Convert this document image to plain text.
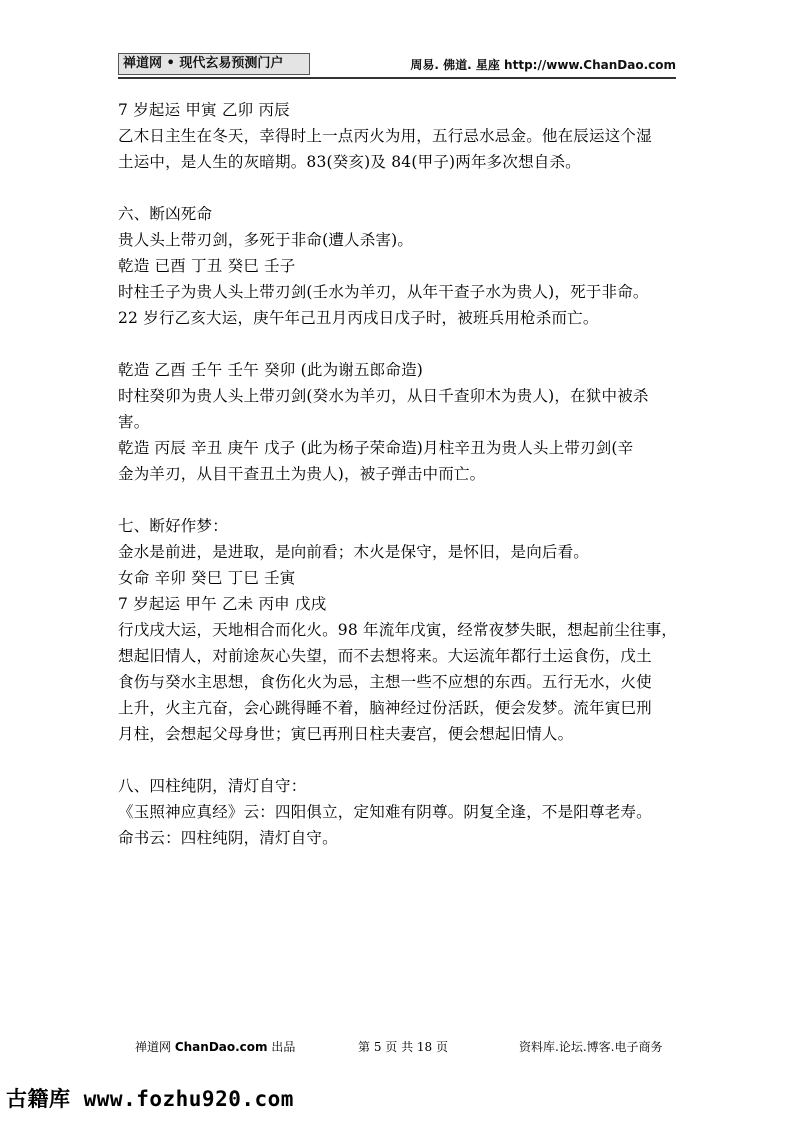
禅道网 • 现代玄易预测门户	周易. 佛道. 星座 http://www.ChanDao.com
7 岁起运 甲寅 乙卯 丙辰
乙木日主生在冬天，幸得时上一点丙火为用，五行忌水忌金。他在辰运这个湿
土运中，是人生的灰暗期。83(癸亥)及 84(甲子)两年多次想自杀。
六、断凶死命
贵人头上带刃剑，多死于非命(遭人杀害)。
乾造 已酉 丁丑 癸巳 壬子
时柱壬子为贵人头上带刃剑(壬水为羊刃，从年干查子水为贵人)，死于非命。
22 岁行乙亥大运，庚午年己丑月丙戌日戊子时，被班兵用枪杀而亡。
乾造 乙酉 壬午 壬午 癸卯 (此为谢五郎命造)
时柱癸卯为贵人头上带刃剑(癸水为羊刃，从日千查卯木为贵人)，在狱中被杀
害。
乾造 丙辰 辛丑 庚午 戊子 (此为杨子荣命造)月柱辛丑为贵人头上带刃剑(辛
金为羊刃，从目干查丑土为贵人)，被子弹击中而亡。
七、断好作梦：
金水是前进，是进取，是向前看；木火是保守，是怀旧，是向后看。
女命 辛卯 癸巳 丁巳 壬寅
7 岁起运 甲午 乙未 丙申 戊戌
行戊戌大运，天地相合而化火。98 年流年戊寅，经常夜梦失眠，想起前尘往事，
想起旧情人，对前途灰心失望，而不去想将来。大运流年都行土运食伤，戊土
食伤与癸水主思想，食伤化火为忌，主想一些不应想的东西。五行无水，火使
上升，火主亢奋，会心跳得睡不着，脑神经过份活跃，便会发梦。流年寅巳刑
月柱，会想起父母身世；寅巳再刑日柱夫妻宫，便会想起旧情人。
八、四柱纯阴，清灯自守：
《玉照神应真经》云：四阳俱立，定知难有阴尊。阴复全逢，不是阳尊老寿。
命书云：四柱纯阴，清灯自守。
禅道网 ChanDao.com 出品	第 5 页 共 18 页	资料库.论坛.博客.电子商务
古籍库 www.fozhu920.com
